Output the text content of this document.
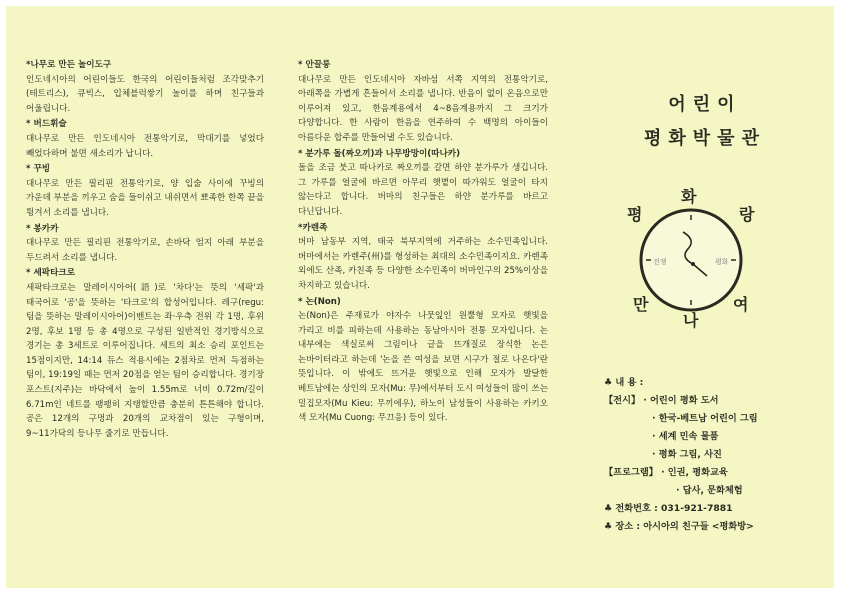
*나무로 만든 놀이도구

인도네시아의 어린이들도 한국의 어린이들처럼 조각맞추기(테트리스), 큐빅스, 입체블럭쌓기 놀이를 하며 친구들과 어울립니다.

* 버드휘슬

대나무로 만든 인도네시아 전통악기로, 막대기를 넣었다 빼었다하며 불면 새소리가 납니다.

* 꾸빙

대나무로 만든 필리핀 전통악기로, 양 입술 사이에 꾸빙의 가운데 부분을 끼우고 숨을 들이쉬고 내쉬면서 뾰족한 한쪽 끝을 튕겨서 소리를 냅니다.

* 봉카카

대나무로 만든 필리핀 전통악기로, 손바닥 엄지 아래 부분을 두드려서 소리를 냅니다.

* 세팍타크로

세팍타크로는 말레이시아어(語)로 '차다'는 뜻의 '세팍'과 태국어로 '공'을 뜻하는 '타크로'의 합성어입니다. 레구(regu:팀을 뜻하는 말레이시아어)이벤트는 좌·우측 전위 각 1명, 후위 2명, 후보 1명 등 총 4명으로 구성된 일반적인 경기방식으로 경기는 총 3세트로 이루어집니다. 세트의 최소 승리 포인트는 15점이지만, 14:14 듀스 적용시에는 2점차로 먼저 득점하는 팀이, 19:19일 때는 먼저 20점을 얻는 팀이 승리합니다. 경기장 포스트(지주)는 바닥에서 높이 1.55m로 너비 0.72m/길이 6.71m인 네트를 팽팽히 지탱할만큼 충분히 튼튼해야 합니다. 공은 12개의 구멍과 20개의 교차점이 있는 구형이며, 9~11가닥의 등나무 줄기로 만듭니다.

* 안끌룽

대나무로 만든 인도네시아 자바섬 서쪽 지역의 전통악기로, 아래쪽을 가볍게 흔들어서 소리를 냅니다. 반음이 없이 온음으로만 이루어져 있고, 한음계용에서 4~8음계용까지 그 크기가 다양합니다. 한 사람이 한음을 연주하여 수 백명의 아이들이 아름다운 합주를 만들어낼 수도 있습니다.

* 분가루 돌(짜오끼)과 나무방망이(따나카)

돌을 조금 붓고 따나카로 짜오끼를 갈면 하얀 분가루가 생깁니다. 그 가루를 얼굴에 바르면 아무리 햇볕이 따가워도 얼굴이 타지 않는다고 합니다. 버마의 친구들은 하얀 분가루를 바르고 다닌답니다.

*카렌족

버마 남동부 지역, 태국 북부지역에 거주하는 소수민족입니다. 버마에서는 카렌주(州)를 형성하는 최대의 소수민족이지요. 카렌족 외에도 산족, 카친족 등 다양한 소수민족이 버마인구의 25%이상을 차지하고 있습니다.

* 논(Non)

논(Non)은 주재료가 야자수 나뭇잎인 원뿔형 모자로 햇빛을 가리고 비를 피하는데 사용하는 동남아시아 전통 모자입니다. 논 내부에는 색실로써 그림이나 글을 뜨개질로 장식한 논은 논바이터라고 하는데 '논을 쓴 여성을 보면 시구가 절로 나온다'란 뜻입니다. 이 밖에도 뜨거운 햇빛으로 인해 모자가 발달한 베트남에는 상인의 모자(Mu: 무)에서부터 도시 여성들이 많이 쓰는 밀집모자(Mu Kieu: 무끼에우), 하노이 남성들이 사용하는 카키오 색 모자(Mu Cuong: 무끄응) 등이 있다.

어린이
평화박물관
평
화
랑
전쟁	평화
만
나
여
♣ 내 용 :
【전시】 · 어린이 평화 도서
· 한국-베트남 어린이 그림
· 세계 민속 물품
· 평화 그림, 사진
【프로그램】 · 인권, 평화교육
· 답사, 문화체험
♣ 전화번호 : 031-921-7881
♣ 장소 : 아시아의 친구들 <평화방>
